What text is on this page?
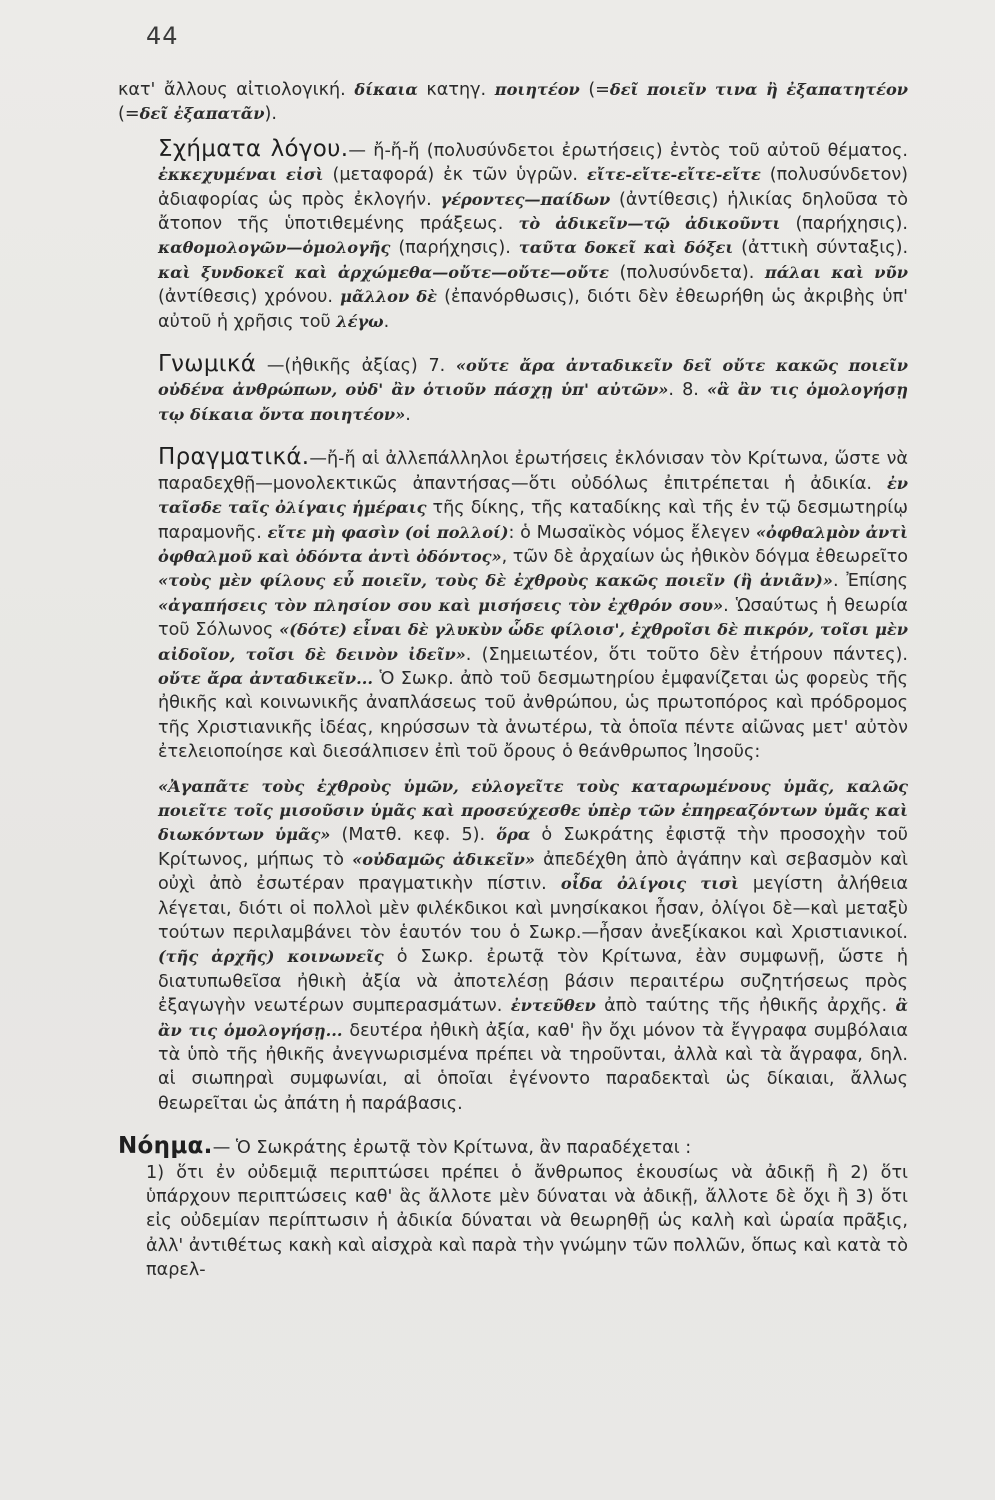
44

κατ' ἄλλους αἰτιολογική. δίκαια κατηγ. ποιητέον (=δεῖ ποιεῖν τινα ἢ ἐξαπατητέον (=δεῖ ἐξαπατᾶν).

Σχήματα λόγου.— ἤ-ἤ-ἤ (πολυσύνδετοι ἐρωτήσεις) ἐντὸς τοῦ αὐτοῦ θέματος. ἐκκεχυμέναι εἰσὶ (μεταφορά) ἐκ τῶν ὑγρῶν. εἴτε-εἴτε-εἴτε-εἴτε (πολυσύνδετον) ἀδιαφορίας ὡς πρὸς ἐκλογήν. γέροντες—παίδων (ἀντίθεσις) ἡλικίας δηλοῦσα τὸ ἄτοπον τῆς ὑποτιθεμένης πράξεως. τὸ ἀδικεῖν—τῷ ἀδικοῦντι (παρήχησις). καθομολογῶν—ὁμολογῆς (παρήχησις). ταῦτα δοκεῖ καὶ δόξει (ἀττικὴ σύνταξις). καὶ ξυνδοκεῖ καὶ ἀρχώμεθα—οὔτε—οὔτε—οὔτε (πολυσύνδετα). πάλαι καὶ νῦν (ἀντίθεσις) χρόνου. μᾶλλον δὲ (ἐπανόρθωσις), διότι δὲν ἐθεωρήθη ὡς ἀκριβὴς ὑπ' αὐτοῦ ἡ χρῆσις τοῦ λέγω.

Γνωμικά —(ἠθικῆς ἀξίας) 7. «οὔτε ἄρα ἀνταδικεῖν δεῖ οὔτε κακῶς ποιεῖν οὐδένα ἀνθρώπων, οὐδ' ἂν ὁτιοῦν πάσχῃ ὑπ' αὐτῶν». 8. «ἃ ἂν τις ὁμολογήσῃ τῳ δίκαια ὄντα ποιητέον».

Πραγματικά.—ἤ-ἤ αἱ ἀλλεπάλληλοι ἐρωτήσεις ἐκλόνισαν τὸν Κρίτωνα, ὥστε νὰ παραδεχθῇ—μονολεκτικῶς ἀπαντήσας—ὅτι οὐδόλως ἐπιτρέπεται ἡ ἀδικία. ἐν ταῖσδε ταῖς ὀλίγαις ἡμέραις τῆς δίκης, τῆς καταδίκης καὶ τῆς ἐν τῷ δεσμωτηρίῳ παραμονῆς. εἴτε μὴ φασὶν (οἱ πολλοί): ὁ Μωσαϊκὸς νόμος ἔλεγεν «ὀφθαλμὸν ἀντὶ ὀφθαλμοῦ καὶ ὀδόντα ἀντὶ ὀδόντος», τῶν δὲ ἀρχαίων ὡς ἠθικὸν δόγμα ἐθεωρεῖτο «τοὺς μὲν φίλους εὖ ποιεῖν, τοὺς δὲ ἐχθροὺς κακῶς ποιεῖν (ἢ ἀνιᾶν)». Ἐπίσης «ἀγαπήσεις τὸν πλησίον σου καὶ μισήσεις τὸν ἐχθρόν σου». Ὡσαύτως ἡ θεωρία τοῦ Σόλωνος «(δότε) εἶναι δὲ γλυκὺν ὧδε φίλοισ', ἐχθροῖσι δὲ πικρόν, τοῖσι μὲν αἰδοῖον, τοῖσι δὲ δεινὸν ἰδεῖν». (Σημειωτέον, ὅτι τοῦτο δὲν ἐτήρουν πάντες). οὔτε ἄρα ἀνταδικεῖν... Ὁ Σωκρ. ἀπὸ τοῦ δεσμωτηρίου ἐμφανίζεται ὡς φορεὺς τῆς ἠθικῆς καὶ κοινωνικῆς ἀναπλάσεως τοῦ ἀνθρώπου, ὡς πρωτοπόρος καὶ πρόδρομος τῆς Χριστιανικῆς ἰδέας, κηρύσσων τὰ ἀνωτέρω, τὰ ὁποῖα πέντε αἰῶνας μετ' αὐτὸν ἐτελειοποίησε καὶ διεσάλπισεν ἐπὶ τοῦ ὄρους ὁ θεάνθρωπος Ἰησοῦς:

«Ἀγαπᾶτε τοὺς ἐχθροὺς ὑμῶν, εὐλογεῖτε τοὺς καταρωμένους ὑμᾶς, καλῶς ποιεῖτε τοῖς μισοῦσιν ὑμᾶς καὶ προσεύχεσθε ὑπὲρ τῶν ἐπηρεαζόντων ὑμᾶς καὶ διωκόντων ὑμᾶς» (Ματθ. κεφ. 5). ὅρα ὁ Σωκράτης ἐφιστᾷ τὴν προσοχὴν τοῦ Κρίτωνος, μήπως τὸ «οὐδαμῶς ἀδικεῖν» ἀπεδέχθη ἀπὸ ἀγάπην καὶ σεβασμὸν καὶ οὐχὶ ἀπὸ ἐσωτέραν πραγματικὴν πίστιν. οἶδα ὀλίγοις τισὶ μεγίστη ἀλήθεια λέγεται, διότι οἱ πολλοὶ μὲν φιλέκδικοι καὶ μνησίκακοι ἦσαν, ὀλίγοι δὲ—καὶ μεταξὺ τούτων περιλαμβάνει τὸν ἑαυτόν του ὁ Σωκρ.—ἦσαν ἀνεξίκακοι καὶ Χριστιανικοί. (τῆς ἀρχῆς) κοινωνεῖς ὁ Σωκρ. ἐρωτᾷ τὸν Κρίτωνα, ἐὰν συμφωνῇ, ὥστε ἡ διατυπωθεῖσα ἠθικὴ ἀξία νὰ ἀποτελέσῃ βάσιν περαιτέρω συζητήσεως πρὸς ἐξαγωγὴν νεωτέρων συμπερασμάτων. ἐντεῦθεν ἀπὸ ταύτης τῆς ἠθικῆς ἀρχῆς. ἃ ἂν τις ὁμολογήσῃ... δευτέρα ἠθικὴ ἀξία, καθ' ἣν ὄχι μόνον τὰ ἔγγραφα συμβόλαια τὰ ὑπὸ τῆς ἠθικῆς ἀνεγνωρισμένα πρέπει νὰ τηροῦνται, ἀλλὰ καὶ τὰ ἄγραφα, δηλ. αἱ σιωπηραὶ συμφωνίαι, αἱ ὁποῖαι ἐγένοντο παραδεκταὶ ὡς δίκαιαι, ἄλλως θεωρεῖται ὡς ἀπάτη ἡ παράβασις.

Νόημα.— Ὁ Σωκράτης ἐρωτᾷ τὸν Κρίτωνα, ἂν παραδέχεται :

1) ὅτι ἐν οὐδεμιᾷ περιπτώσει πρέπει ὁ ἄνθρωπος ἑκουσίως νὰ ἀδικῇ ἢ 2) ὅτι ὑπάρχουν περιπτώσεις καθ' ἃς ἄλλοτε μὲν δύναται νὰ ἀδικῇ, ἄλλοτε δὲ ὄχι ἢ 3) ὅτι εἰς οὐδεμίαν περίπτωσιν ἡ ἀδικία δύναται νὰ θεωρηθῇ ὡς καλὴ καὶ ὡραία πρᾶξις, ἀλλ' ἀντιθέτως κακὴ καὶ αἰσχρὰ καὶ παρὰ τὴν γνώμην τῶν πολλῶν, ὅπως καὶ κατὰ τὸ παρελ-
